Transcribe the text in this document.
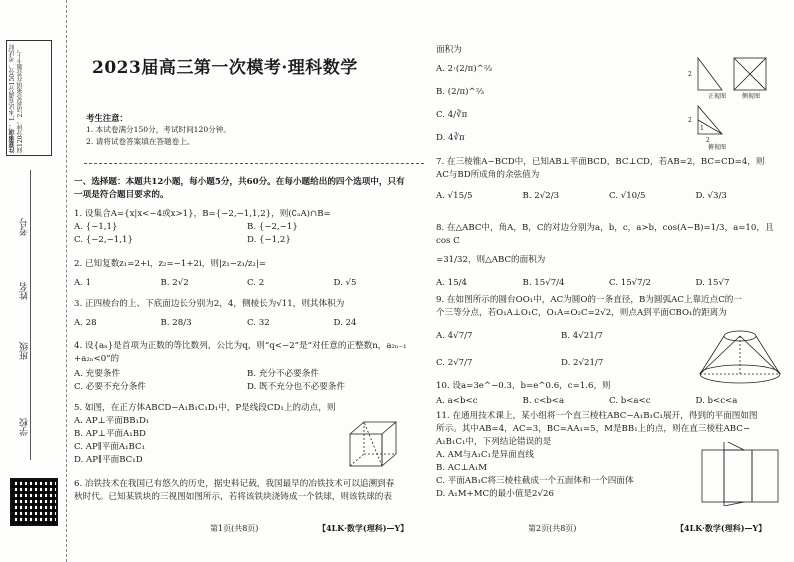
注意事项： 1.本试卷满分150分，考试时间120分钟。2.请将答案填在答题卡上。
学校
班级
姓名
考号
2023届高三第一次模考·理科数学
考生注意：
1. 本试卷满分150分，考试时间120分钟。
2. 请将试卷答案填在答题卷上。
一、选择题：本题共12小题，每小题5分，共60分。在每小题给出的四个选项中，只有
一项是符合题目要求的。
1. 设集合A={x|x<−4或x>1}，B={−2,−1,1,2}，则(∁ₐA)∩B=
A. {−1,1}	B. {−2,−1}
C. {−2,−1,1}	D. {−1,2}
2. 已知复数z₁=2+i，z₂=−1+2i，则|z₁−z₁/z₂|=
A. 1	B. 2√2	C. 2	D. √5
3. 正四棱台的上、下底面边长分别为2，4，侧棱长为√11，则其体积为
A. 28	B. 28/3	C. 32	D. 24
4. 设{aₙ}是首项为正数的等比数列，公比为q，则“q<−2”是“对任意的正整数n，a₂ₙ₋₁
+a₂ₙ<0”的
A. 充要条件	B. 充分不必要条件
C. 必要不充分条件	D. 既不充分也不必要条件
5. 如图，在正方体ABCD−A₁B₁C₁D₁中，P是线段CD₁上的动点，则
A. AP⊥平面BB₁D₁
B. AP⊥平面A₁BD
C. AP∥平面A₁BC₁
D. AP∥平面BC₁D
6. 冶铁技术在我国已有悠久的历史，据史料记载，我国最早的冶铁技术可以追溯到春
秋时代。已知某铁块的三视图如图所示，若将该铁块浇铸成一个铁球，则该铁球的表
第1页(共8页)	【4LK·数学(理科)—Y】
面积为
A. 2·(2/π)^⅔
B. (2/π)^⅔
C. 4/∛π
D. 4∛π
2
正视图	侧视图
2
2
1
俯视图
7. 在三棱锥A−BCD中，已知AB⊥平面BCD，BC⊥CD，若AB=2，BC=CD=4，则
AC与BD所成角的余弦值为
A. √15/5	B. 2√2/3	C. √10/5	D. √3/3
8. 在△ABC中，角A，B，C的对边分别为a，b，c，a>b，cos(A−B)=1/3，a=10，且cos C
=31/32，则△ABC的面积为
A. 15/4	B. 15√7/4	C. 15√7/2	D. 15√7
9. 在如图所示的圆台OO₁中，AC为圆O的一条直径，B为圆弧AC上靠近点C的一
个三等分点，若O₁A⊥O₁C，O₁A=O₂C=2√2，则点A到平面CBO₁的距离为
A. 4√7/7	B. 4√21/7
C. 2√7/7	D. 2√21/7
10. 设a=3e^−0.3，b=e^0.6，c=1.6，则
A. a<b<c	B. c<b<a	C. b<a<c	D. b<c<a
11. 在通用技术课上，某小组将一个直三棱柱ABC−A₁B₁C₁展开，得到的平面图如图
所示。其中AB=4，AC=3，BC=AA₁=5，M是BB₁上的点，则在直三棱柱ABC−
A₁B₁C₁中，下列结论错误的是
A. AM与A₁C₁是异面直线
B. AC⊥A₁M
C. 平面AB₁C将三棱柱截成一个五面体和一个四面体
D. A₁M+MC的最小值是2√26
第2页(共8页)	【4LK·数学(理科)—Y】
